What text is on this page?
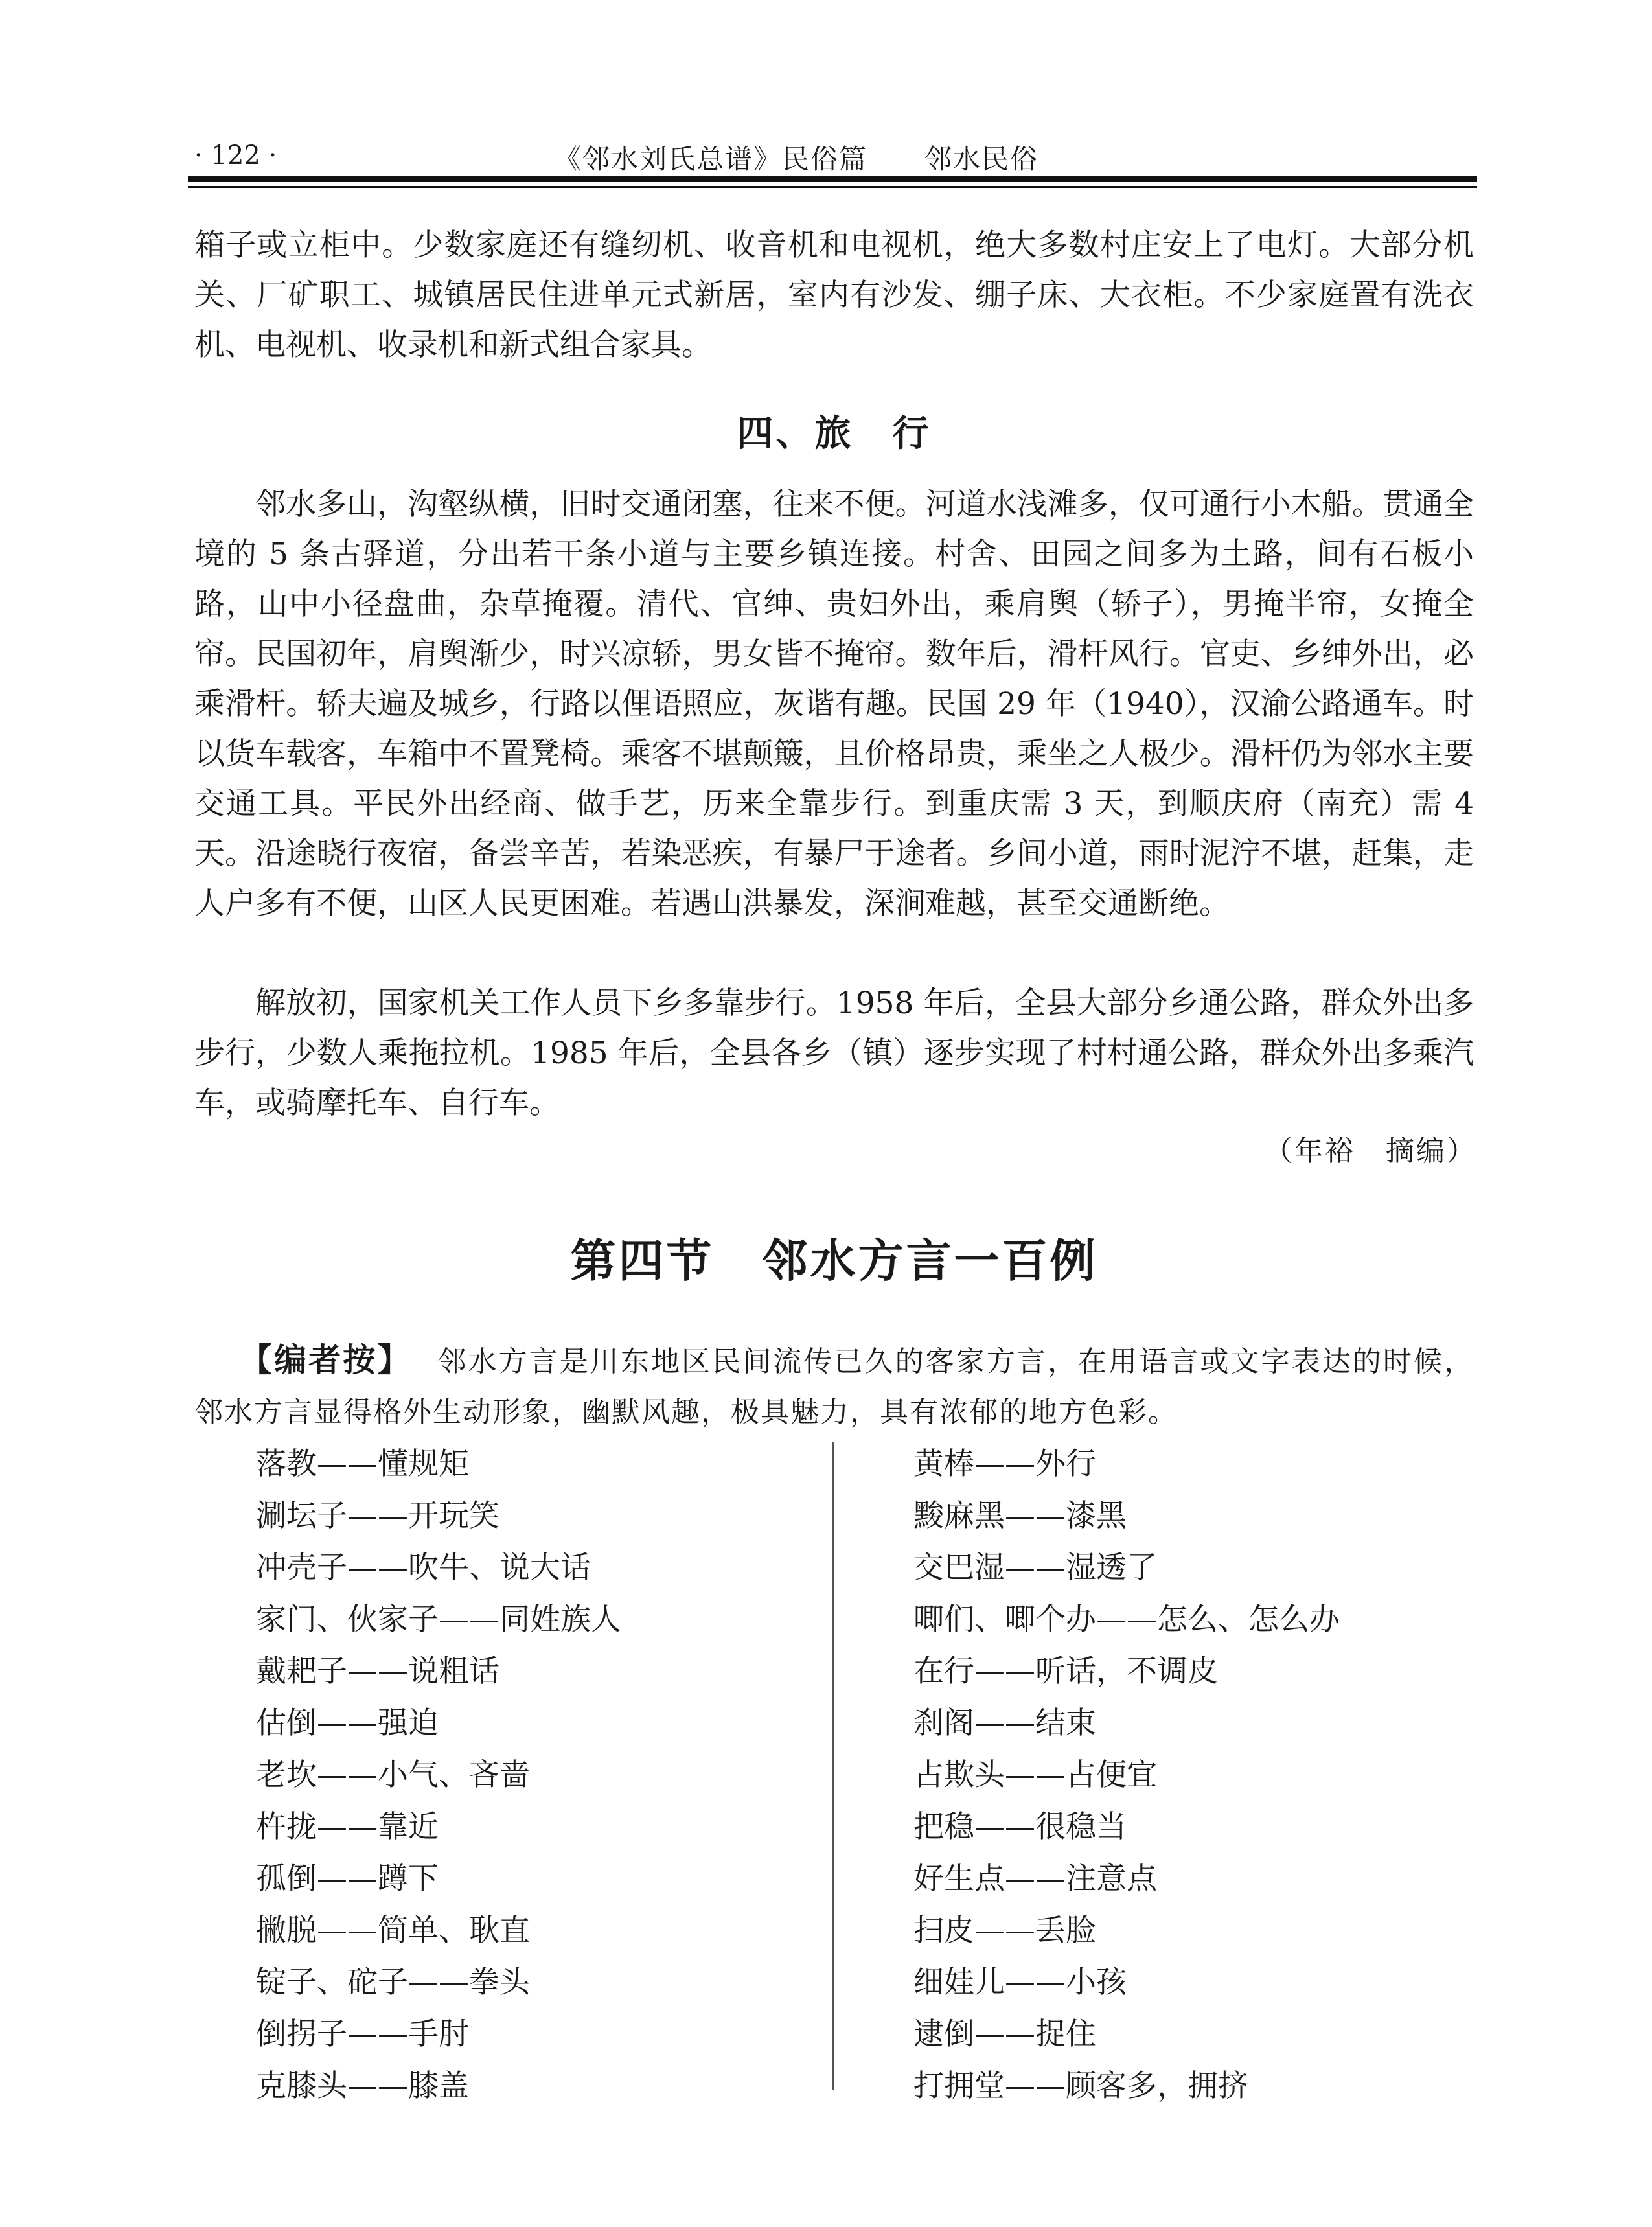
· 122 ·	《邻水刘氏总谱》民俗篇　　邻水民俗

箱子或立柜中。少数家庭还有缝纫机、收音机和电视机，绝大多数村庄安上了电灯。大部分机关、厂矿职工、城镇居民住进单元式新居，室内有沙发、绷子床、大衣柜。不少家庭置有洗衣机、电视机、收录机和新式组合家具。

四、旅　行

邻水多山，沟壑纵横，旧时交通闭塞，往来不便。河道水浅滩多，仅可通行小木船。贯通全境的 5 条古驿道，分出若干条小道与主要乡镇连接。村舍、田园之间多为土路，间有石板小路，山中小径盘曲，杂草掩覆。清代、官绅、贵妇外出，乘肩舆（轿子），男掩半帘，女掩全帘。民国初年，肩舆渐少，时兴凉轿，男女皆不掩帘。数年后，滑杆风行。官吏、乡绅外出，必乘滑杆。轿夫遍及城乡，行路以俚语照应，灰谐有趣。民国 29 年（1940），汉渝公路通车。时以货车载客，车箱中不置凳椅。乘客不堪颠簸，且价格昂贵，乘坐之人极少。滑杆仍为邻水主要交通工具。平民外出经商、做手艺，历来全靠步行。到重庆需 3 天，到顺庆府（南充）需 4 天。沿途晓行夜宿，备尝辛苦，若染恶疾，有暴尸于途者。乡间小道，雨时泥泞不堪，赶集，走人户多有不便，山区人民更困难。若遇山洪暴发，深涧难越，甚至交通断绝。

解放初，国家机关工作人员下乡多靠步行。1958 年后，全县大部分乡通公路，群众外出多步行，少数人乘拖拉机。1985 年后，全县各乡（镇）逐步实现了村村通公路，群众外出多乘汽车，或骑摩托车、自行车。

（年裕　摘编）
第四节　邻水方言一百例
【编者按】 邻水方言是川东地区民间流传已久的客家方言，在用语言或文字表达的时候，邻水方言显得格外生动形象，幽默风趣，极具魅力，具有浓郁的地方色彩。
落教——懂规矩
涮坛子——开玩笑
冲壳子——吹牛、说大话
家门、伙家子——同姓族人
戴耙子——说粗话
估倒——强迫
老坎——小气、吝啬
杵拢——靠近
孤倒——蹲下
撇脱——简单、耿直
锭子、砣子——拳头
倒拐子——手肘
克膝头——膝盖
黄棒——外行
黢麻黑——漆黑
交巴湿——湿透了
唧们、唧个办——怎么、怎么办
在行——听话，不调皮
刹阁——结束
占欺头——占便宜
把稳——很稳当
好生点——注意点
扫皮——丢脸
细娃儿——小孩
逮倒——捉住
打拥堂——顾客多，拥挤
